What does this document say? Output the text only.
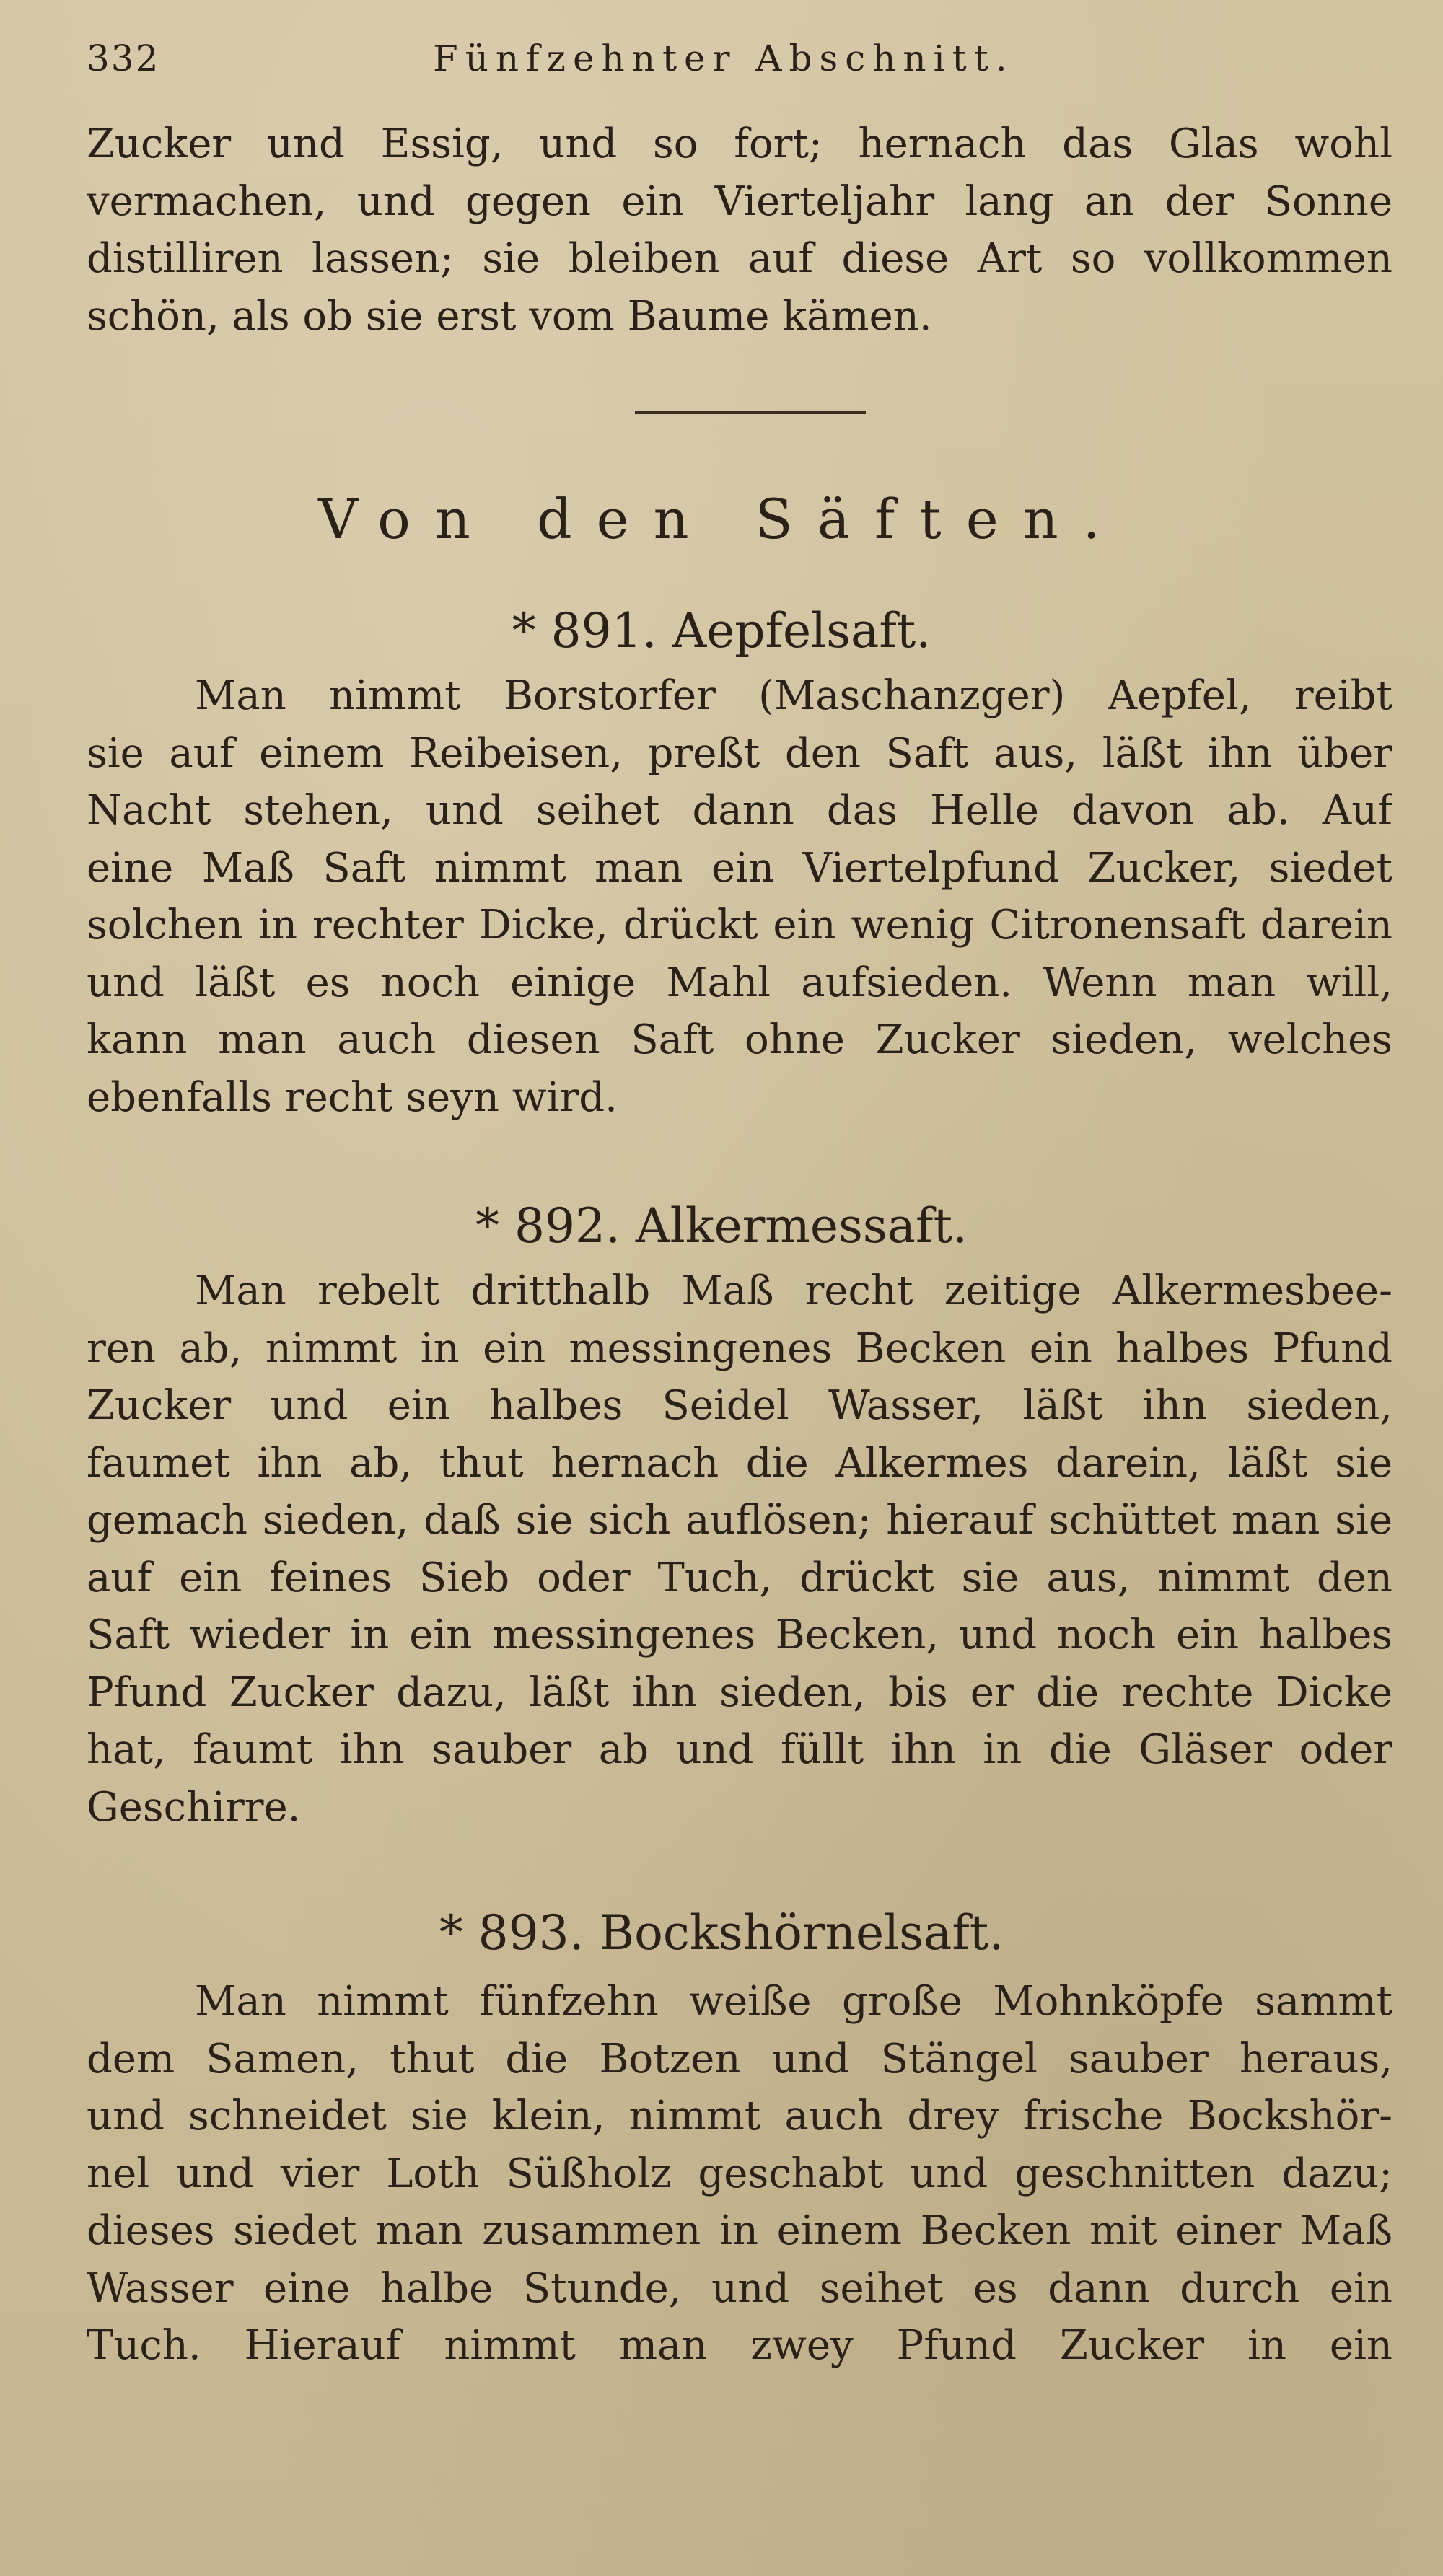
332	Fünfzehnter Abschnitt.
Zucker und Essig, und so fort; hernach das Glas wohl
vermachen, und gegen ein Vierteljahr lang an der Sonne
distilliren lassen; sie bleiben auf diese Art so vollkommen
schön, als ob sie erst vom Baume kämen.
Von den Säften.
* 891. Aepfelsaft.
Man nimmt Borstorfer (Maschanzger) Aepfel, reibt
sie auf einem Reibeisen, preßt den Saft aus, läßt ihn über
Nacht stehen, und seihet dann das Helle davon ab. Auf
eine Maß Saft nimmt man ein Viertelpfund Zucker, siedet
solchen in rechter Dicke, drückt ein wenig Citronensaft darein
und läßt es noch einige Mahl aufsieden. Wenn man will,
kann man auch diesen Saft ohne Zucker sieden, welches
ebenfalls recht seyn wird.
* 892. Alkermessaft.
Man rebelt dritthalb Maß recht zeitige Alkermesbee-
ren ab, nimmt in ein messingenes Becken ein halbes Pfund
Zucker und ein halbes Seidel Wasser, läßt ihn sieden,
faumet ihn ab, thut hernach die Alkermes darein, läßt sie
gemach sieden, daß sie sich auflösen; hierauf schüttet man sie
auf ein feines Sieb oder Tuch, drückt sie aus, nimmt den
Saft wieder in ein messingenes Becken, und noch ein halbes
Pfund Zucker dazu, läßt ihn sieden, bis er die rechte Dicke
hat, faumt ihn sauber ab und füllt ihn in die Gläser oder
Geschirre.
* 893. Bockshörnelsaft.
Man nimmt fünfzehn weiße große Mohnköpfe sammt
dem Samen, thut die Botzen und Stängel sauber heraus,
und schneidet sie klein, nimmt auch drey frische Bockshör-
nel und vier Loth Süßholz geschabt und geschnitten dazu;
dieses siedet man zusammen in einem Becken mit einer Maß
Wasser eine halbe Stunde, und seihet es dann durch ein
Tuch. Hierauf nimmt man zwey Pfund Zucker in ein
